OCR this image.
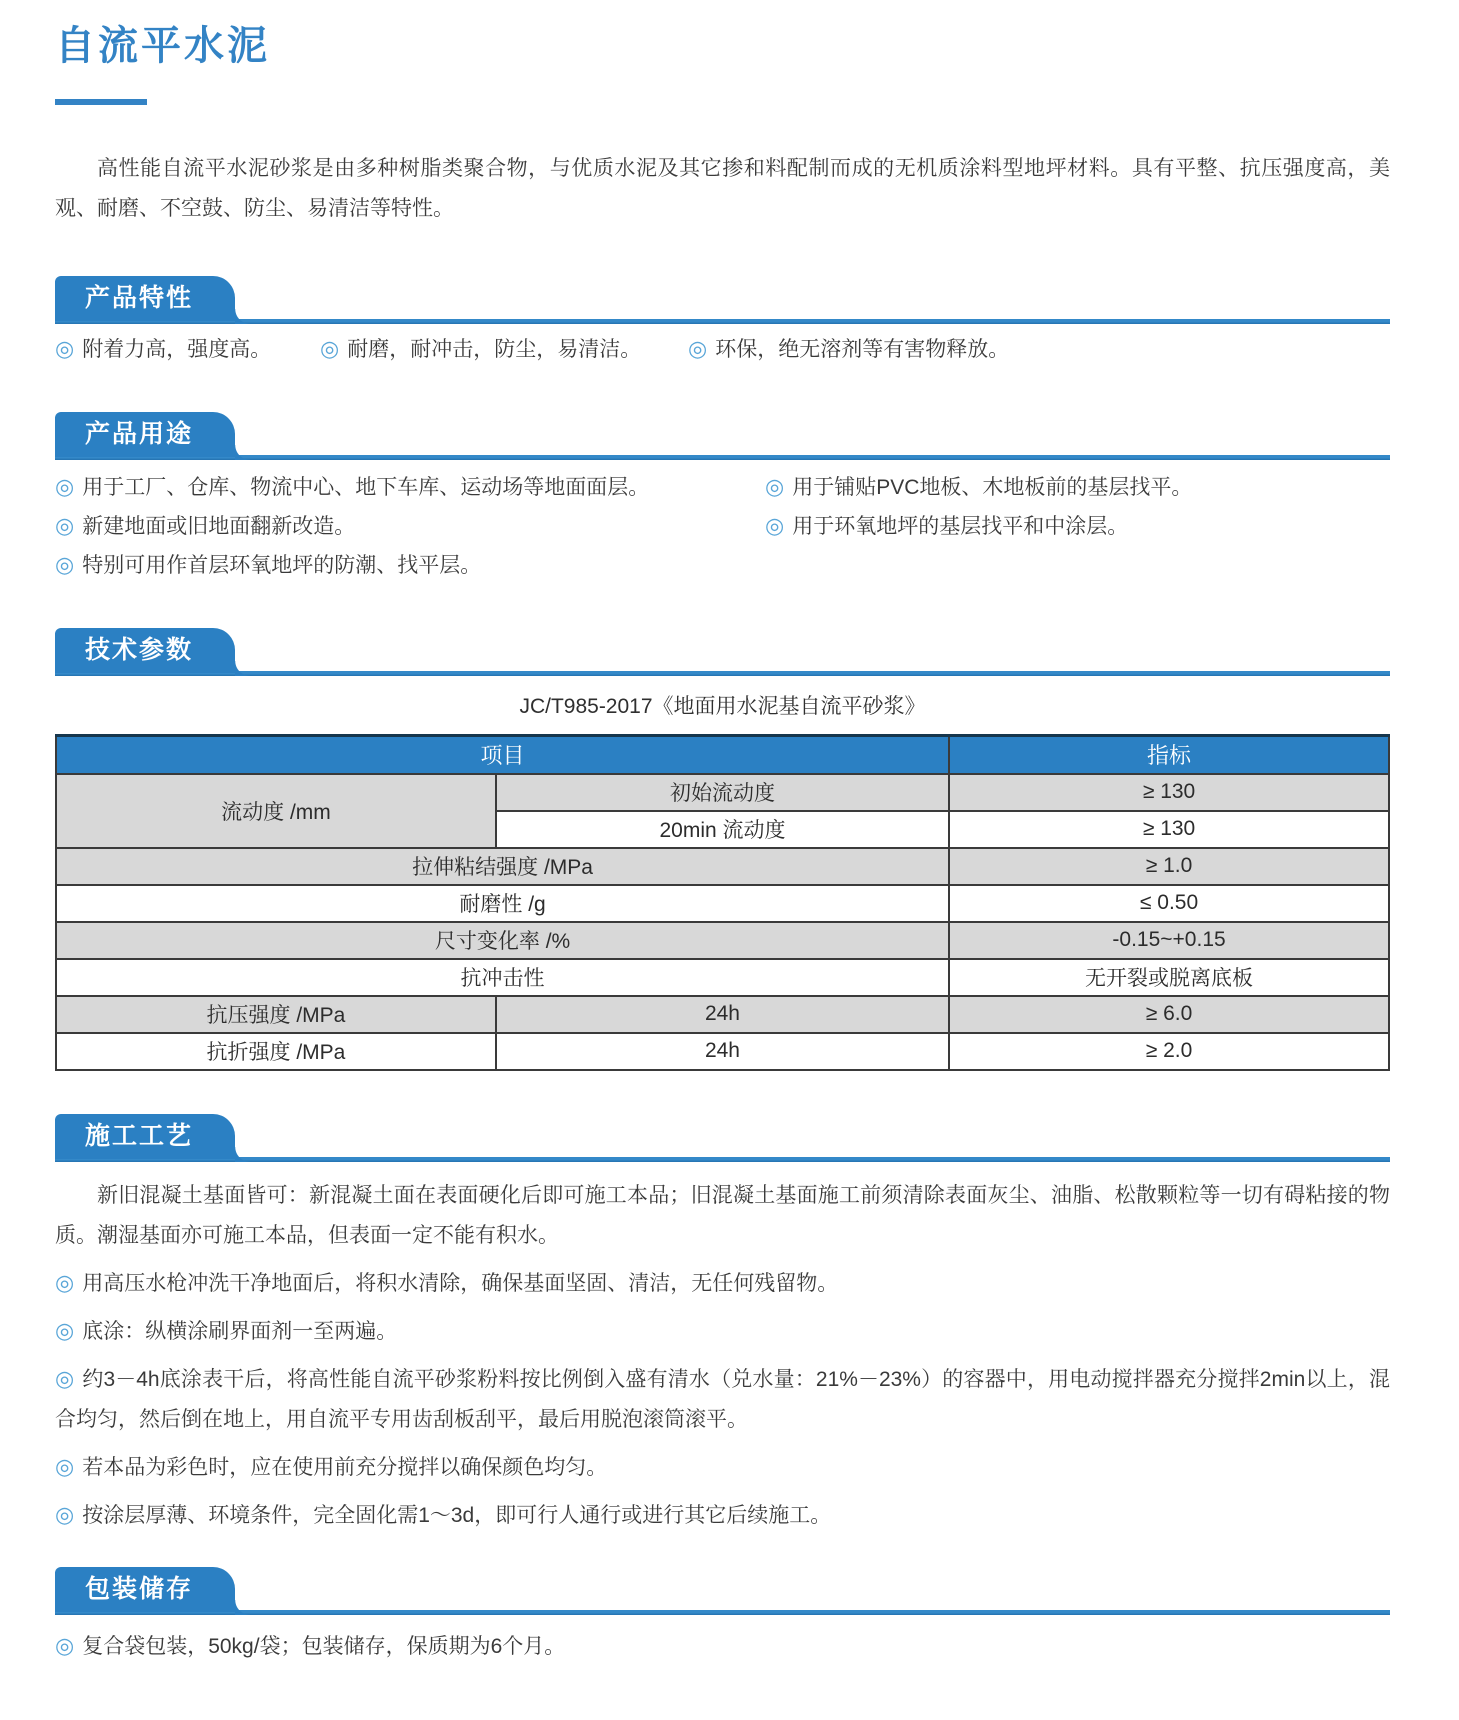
自流平水泥

高性能自流平水泥砂浆是由多种树脂类聚合物，与优质水泥及其它掺和料配制而成的无机质涂料型地坪材料。具有平整、抗压强度高，美观、耐磨、不空鼓、防尘、易清洁等特性。

产品特性
◎ 附着力高，强度高。	◎ 耐磨，耐冲击，防尘，易清洁。	◎ 环保，绝无溶剂等有害物释放。
产品用途
◎ 用于工厂、仓库、物流中心、地下车库、运动场等地面面层。
◎ 新建地面或旧地面翻新改造。
◎ 特别可用作首层环氧地坪的防潮、找平层。
◎ 用于铺贴PVC地板、木地板前的基层找平。
◎ 用于环氧地坪的基层找平和中涂层。
技术参数

JC/T985-2017《地面用水泥基自流平砂浆》

项目		指标
流动度 /mm	初始流动度	≥ 130
	20min 流动度	≥ 130
拉伸粘结强度 /MPa		≥ 1.0
耐磨性 /g		≤ 0.50
尺寸变化率 /%		-0.15~+0.15
抗冲击性		无开裂或脱离底板
抗压强度 /MPa	24h	≥ 6.0
抗折强度 /MPa	24h	≥ 2.0
施工工艺

新旧混凝土基面皆可：新混凝土面在表面硬化后即可施工本品；旧混凝土基面施工前须清除表面灰尘、油脂、松散颗粒等一切有碍粘接的物质。潮湿基面亦可施工本品，但表面一定不能有积水。

◎ 用高压水枪冲洗干净地面后，将积水清除，确保基面坚固、清洁，无任何残留物。
◎ 底涂：纵横涂刷界面剂一至两遍。
◎ 约3－4h底涂表干后，将高性能自流平砂浆粉料按比例倒入盛有清水（兑水量：21%－23%）的容器中，用电动搅拌器充分搅拌2min以上，混合均匀，然后倒在地上，用自流平专用齿刮板刮平，最后用脱泡滚筒滚平。
◎ 若本品为彩色时，应在使用前充分搅拌以确保颜色均匀。
◎ 按涂层厚薄、环境条件，完全固化需1～3d，即可行人通行或进行其它后续施工。
包装储存
◎ 复合袋包装，50kg/袋；包装储存，保质期为6个月。
